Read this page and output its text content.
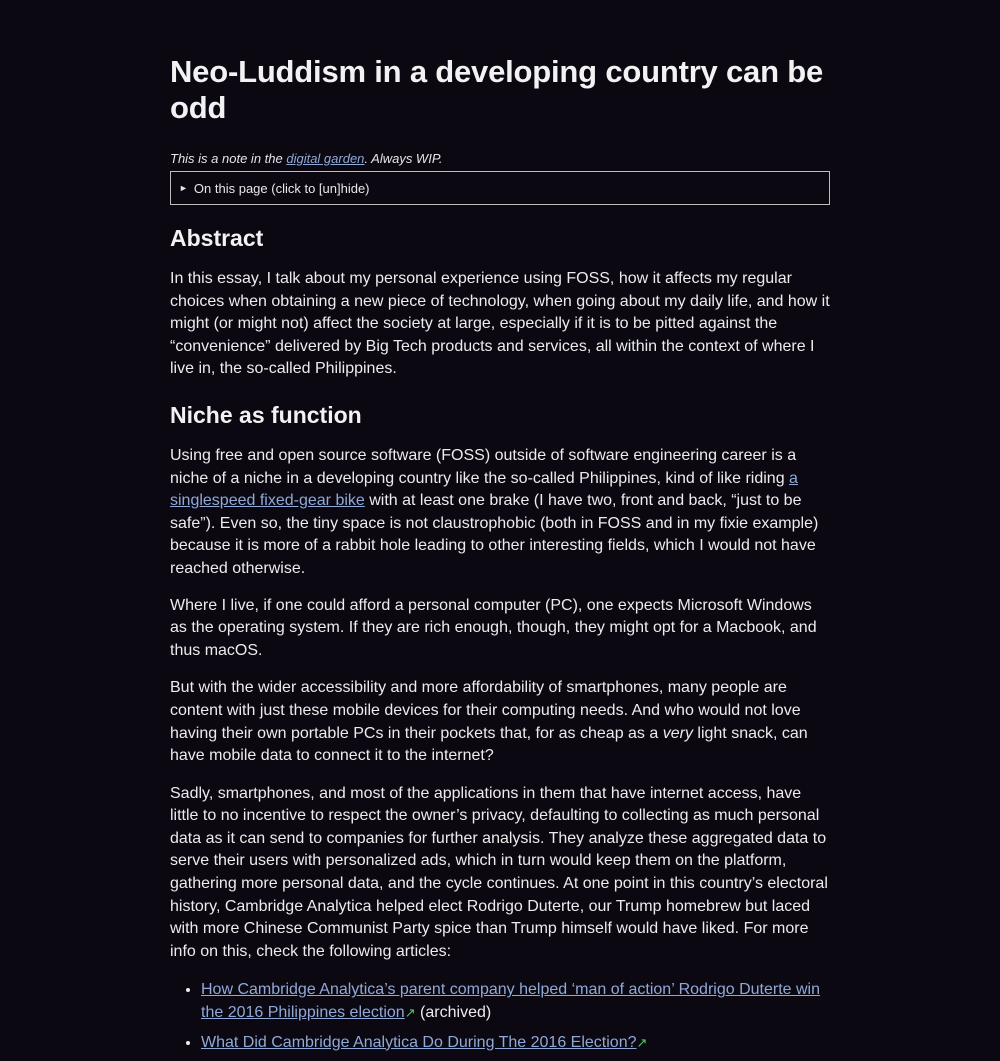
Neo-Luddism in a developing country can be odd
This is a note in the digital garden. Always WIP.
► On this page (click to [un]hide)
Abstract

In this essay, I talk about my personal experience using FOSS, how it affects my regular choices when obtaining a new piece of technology, when going about my daily life, and how it might (or might not) affect the society at large, especially if it is to be pitted against the “convenience” delivered by Big Tech products and services, all within the context of where I live in, the so-called Philippines.

Niche as function

Using free and open source software (FOSS) outside of software engineering career is a niche of a niche in a developing country like the so-called Philippines, kind of like riding a singlespeed fixed-gear bike with at least one brake (I have two, front and back, “just to be safe”). Even so, the tiny space is not claustrophobic (both in FOSS and in my fixie example) because it is more of a rabbit hole leading to other interesting fields, which I would not have reached otherwise.

Where I live, if one could afford a personal computer (PC), one expects Microsoft Windows as the operating system. If they are rich enough, though, they might opt for a Macbook, and thus macOS.

But with the wider accessibility and more affordability of smartphones, many people are content with just these mobile devices for their computing needs. And who would not love having their own portable PCs in their pockets that, for as cheap as a very light snack, can have mobile data to connect it to the internet?

Sadly, smartphones, and most of the applications in them that have internet access, have little to no incentive to respect the owner’s privacy, defaulting to collecting as much personal data as it can send to companies for further analysis. They analyze these aggregated data to serve their users with personalized ads, which in turn would keep them on the platform, gathering more personal data, and the cycle continues. At one point in this country’s electoral history, Cambridge Analytica helped elect Rodrigo Duterte, our Trump homebrew but laced with more Chinese Communist Party spice than Trump himself would have liked. For more info on this, check the following articles:

• How Cambridge Analytica’s parent company helped ‘man of action’ Rodrigo Duterte win the 2016 Philippines election↗ (archived)
• What Did Cambridge Analytica Do During The 2016 Election?↗
